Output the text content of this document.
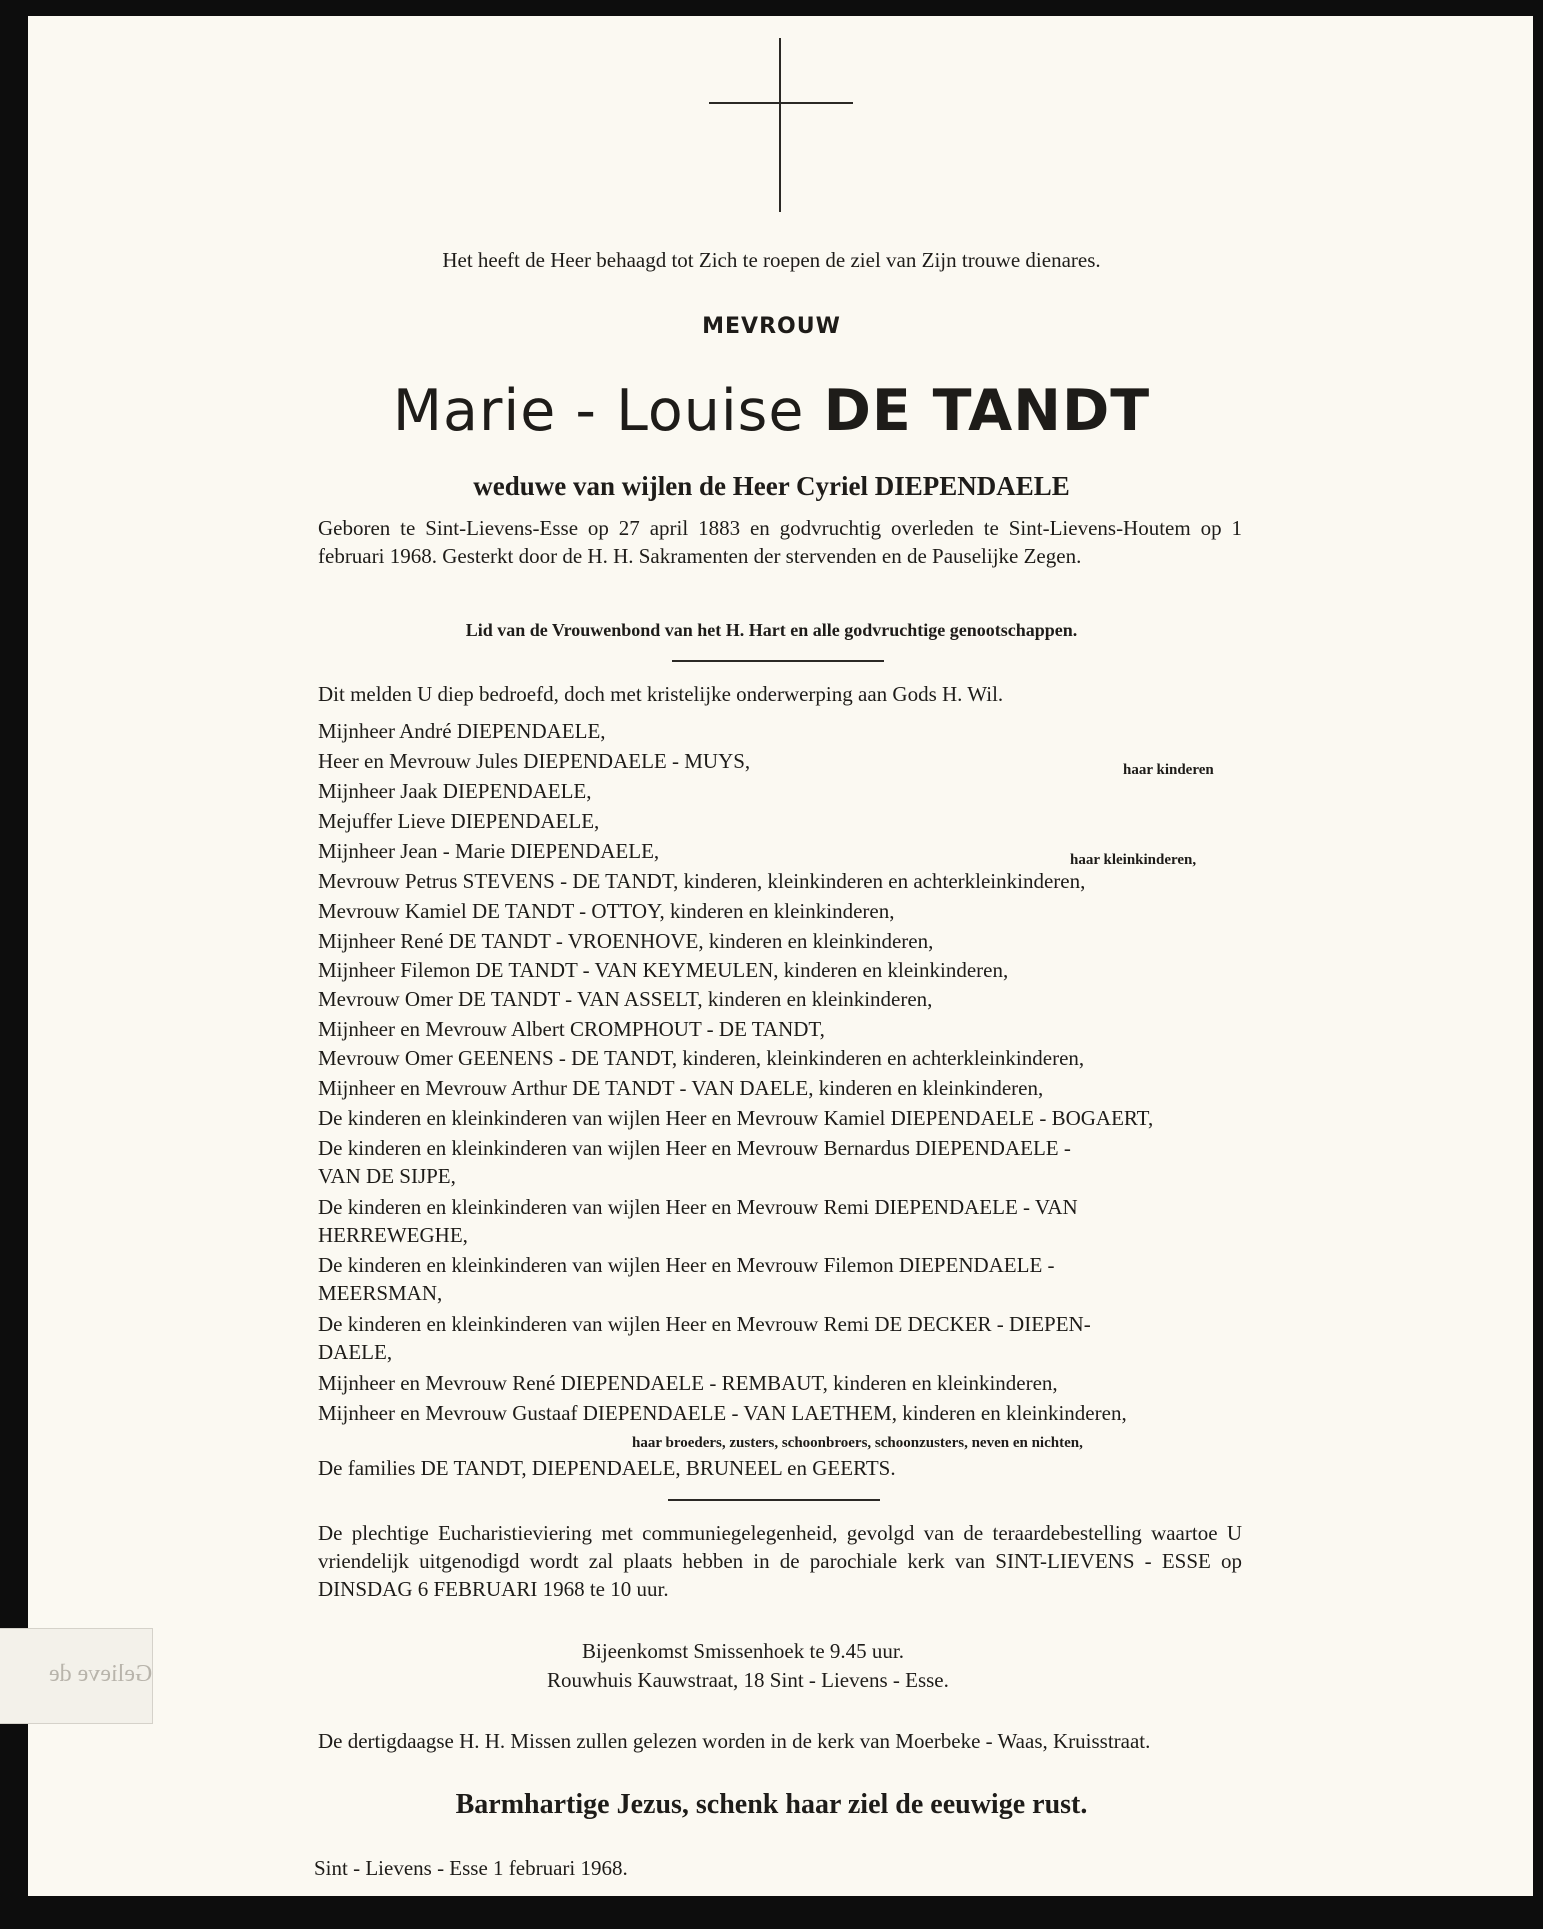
Het heeft de Heer behaagd tot Zich te roepen de ziel van Zijn trouwe dienares.
MEVROUW
Marie - Louise DE TANDT
weduwe van wijlen de Heer Cyriel DIEPENDAELE
Geboren te Sint-Lievens-Esse op 27 april 1883 en godvruchtig overleden te Sint-Lievens-Houtem op 1 februari 1968. Gesterkt door de H. H. Sakramenten der stervenden en de Pauselijke Zegen.
Lid van de Vrouwenbond van het H. Hart en alle godvruchtige genootschappen.
Dit melden U diep bedroefd, doch met kristelijke onderwerping aan Gods H. Wil.
Mijnheer André DIEPENDAELE,
Heer en Mevrouw Jules DIEPENDAELE - MUYS,
Mijnheer Jaak DIEPENDAELE,
Mejuffer Lieve DIEPENDAELE,
Mijnheer Jean - Marie DIEPENDAELE,
Mevrouw Petrus STEVENS - DE TANDT, kinderen, kleinkinderen en achterkleinkinderen,
Mevrouw Kamiel DE TANDT - OTTOY, kinderen en kleinkinderen,
Mijnheer René DE TANDT - VROENHOVE, kinderen en kleinkinderen,
Mijnheer Filemon DE TANDT - VAN KEYMEULEN, kinderen en kleinkinderen,
Mevrouw Omer DE TANDT - VAN ASSELT, kinderen en kleinkinderen,
Mijnheer en Mevrouw Albert CROMPHOUT - DE TANDT,
Mevrouw Omer GEENENS - DE TANDT, kinderen, kleinkinderen en achterkleinkinderen,
Mijnheer en Mevrouw Arthur DE TANDT - VAN DAELE, kinderen en kleinkinderen,
De kinderen en kleinkinderen van wijlen Heer en Mevrouw Kamiel DIEPENDAELE - BOGAERT,
De kinderen en kleinkinderen van wijlen Heer en Mevrouw Bernardus DIEPENDAELE -
VAN DE SIJPE,
De kinderen en kleinkinderen van wijlen Heer en Mevrouw Remi DIEPENDAELE - VAN
HERREWEGHE,
De kinderen en kleinkinderen van wijlen Heer en Mevrouw Filemon DIEPENDAELE -
MEERSMAN,
De kinderen en kleinkinderen van wijlen Heer en Mevrouw Remi DE DECKER - DIEPEN-
DAELE,
Mijnheer en Mevrouw René DIEPENDAELE - REMBAUT, kinderen en kleinkinderen,
Mijnheer en Mevrouw Gustaaf DIEPENDAELE - VAN LAETHEM, kinderen en kleinkinderen,
haar kinderen
haar kleinkinderen,
haar broeders, zusters, schoonbroers, schoonzusters, neven en nichten,
De families DE TANDT, DIEPENDAELE, BRUNEEL en GEERTS.
De plechtige Eucharistieviering met communiegelegenheid, gevolgd van de teraardebestelling waartoe U vriendelijk uitgenodigd wordt zal plaats hebben in de parochiale kerk van SINT-LIEVENS - ESSE op DINSDAG 6 FEBRUARI 1968 te 10 uur.
Bijeenkomst Smissenhoek te 9.45 uur.
Rouwhuis Kauwstraat, 18 Sint - Lievens - Esse.
De dertigdaagse H. H. Missen zullen gelezen worden in de kerk van Moerbeke - Waas, Kruisstraat.
Barmhartige Jezus, schenk haar ziel de eeuwige rust.
Sint - Lievens - Esse 1 februari 1968.
Gelieve de
